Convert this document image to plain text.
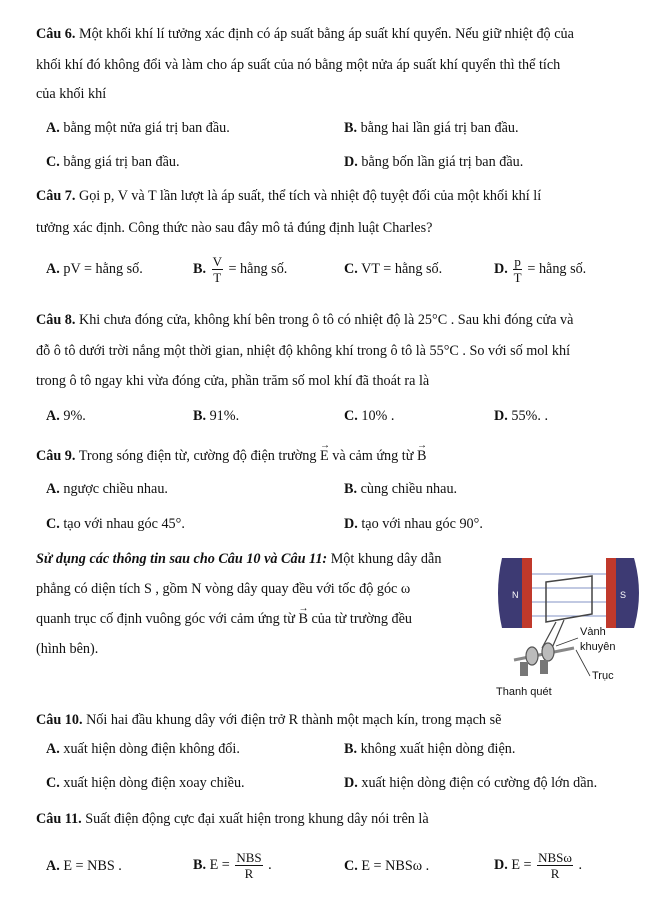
Câu 6. Một khối khí lí tưởng xác định có áp suất bằng áp suất khí quyển. Nếu giữ nhiệt độ của
khối khí đó không đổi và làm cho áp suất của nó bằng một nửa áp suất khí quyển thì thể tích
của khối khí
A. bằng một nửa giá trị ban đầu.	B. bằng hai lần giá trị ban đầu.
C. bằng giá trị ban đầu.	D. bằng bốn lần giá trị ban đầu.
Câu 7. Gọi p, V và T lần lượt là áp suất, thể tích và nhiệt độ tuyệt đối của một khối khí lí
tưởng xác định. Công thức nào sau đây mô tả đúng định luật Charles?
A. pV = hằng số.	B. $\frac{V}{T}$ = hằng số.	C. VT = hằng số.	D. $\frac{p}{T}$ = hằng số.
Câu 8. Khi chưa đóng cửa, không khí bên trong ô tô có nhiệt độ là 25°C . Sau khi đóng cửa và
đỗ ô tô dưới trời nắng một thời gian, nhiệt độ không khí trong ô tô là 55°C . So với số mol khí
trong ô tô ngay khi vừa đóng cửa, phần trăm số mol khí đã thoát ra là
A. 9%.	B. 91%.	C. 10% .	D. 55%. .
Câu 9. Trong sóng điện từ, cường độ điện trường → E và cảm ứng từ → B
A. ngược chiều nhau.	B. cùng chiều nhau.
C. tạo với nhau góc 45°.	D. tạo với nhau góc 90°.
Sử dụng các thông tin sau cho Câu 10 và Câu 11: Một khung dây dẫn
phẳng có diện tích S , gồm N vòng dây quay đều với tốc độ góc ω
quanh trục cố định vuông góc với cảm ứng từ → B của từ trường đều
(hình bên).
N	S
Vành
khuyên
Trục
Thanh quét
Câu 10. Nối hai đầu khung dây với điện trở R thành một mạch kín, trong mạch sẽ
A. xuất hiện dòng điện không đổi.	B. không xuất hiện dòng điện.
C. xuất hiện dòng điện xoay chiều.	D. xuất hiện dòng điện có cường độ lớn dần.
Câu 11. Suất điện động cực đại xuất hiện trong khung dây nói trên là
A. E = NBS .	B. $E = \frac{\text{NBS}}{R}$ .	C. E = NBSω .	D. $E = \frac{\text{NBSω}}{R}$ .
